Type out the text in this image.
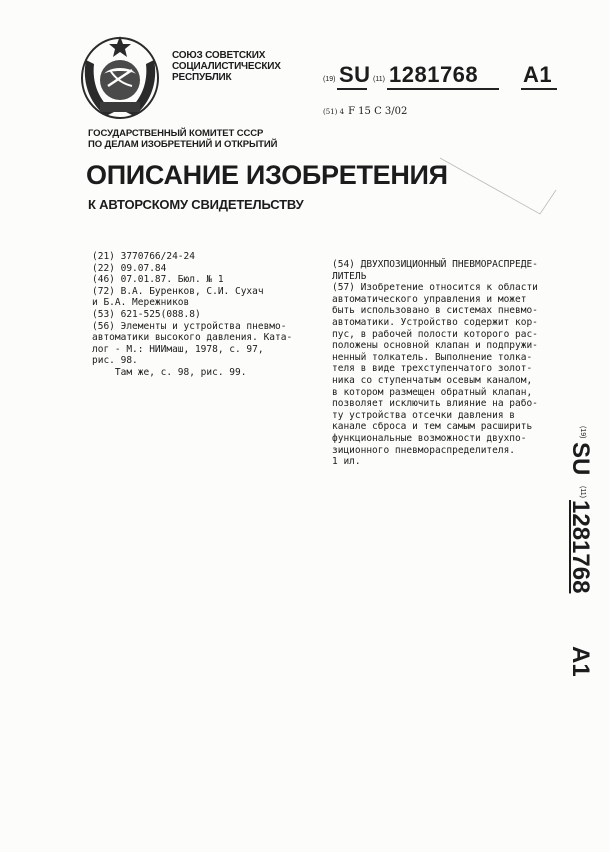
СОЮЗ СОВЕТСКИХ
СОЦИАЛИСТИЧЕСКИХ
РЕСПУБЛИК	(19) SU (11) 1281768 A1
(51) 4 F 15 C 3/02
ГОСУДАРСТВЕННЫЙ КОМИТЕТ СССР
ПО ДЕЛАМ ИЗОБРЕТЕНИЙ И ОТКРЫТИЙ
ОПИСАНИЕ ИЗОБРЕТЕНИЯ
К АВТОРСКОМУ СВИДЕТЕЛЬСТВУ
(21) 3770766/24-24
(22) 09.07.84
(46) 07.01.87. Бюл. № 1
(72) В.А. Буренков, С.И. Сухач
и Б.А. Мережников
(53) 621-525(088.8)
(56) Элементы и устройства пневмо-
автоматики высокого давления. Ката-
лог - М.: НИИмаш, 1978, с. 97,
рис. 98.
Там же, с. 98, рис. 99.
(54) ДВУХПОЗИЦИОННЫЙ ПНЕВМОРАСПРЕДЕ-
ЛИТЕЛЬ
(57) Изобретение относится к области
автоматического управления и может
быть использовано в системах пневмо-
автоматики. Устройство содержит кор-
пус, в рабочей полости которого рас-
положены основной клапан и подпружи-
ненный толкатель. Выполнение толка-
теля в виде трехступенчатого золот-
ника со ступенчатым осевым каналом,
в котором размещен обратный клапан,
позволяет исключить влияние на рабо-
ту устройства отсечки давления в
канале сброса и тем самым расширить
функциональные возможности двухпо-
зиционного пневмораспределителя.
1 ил.
(19)
SU
(11)
1281768
A1
